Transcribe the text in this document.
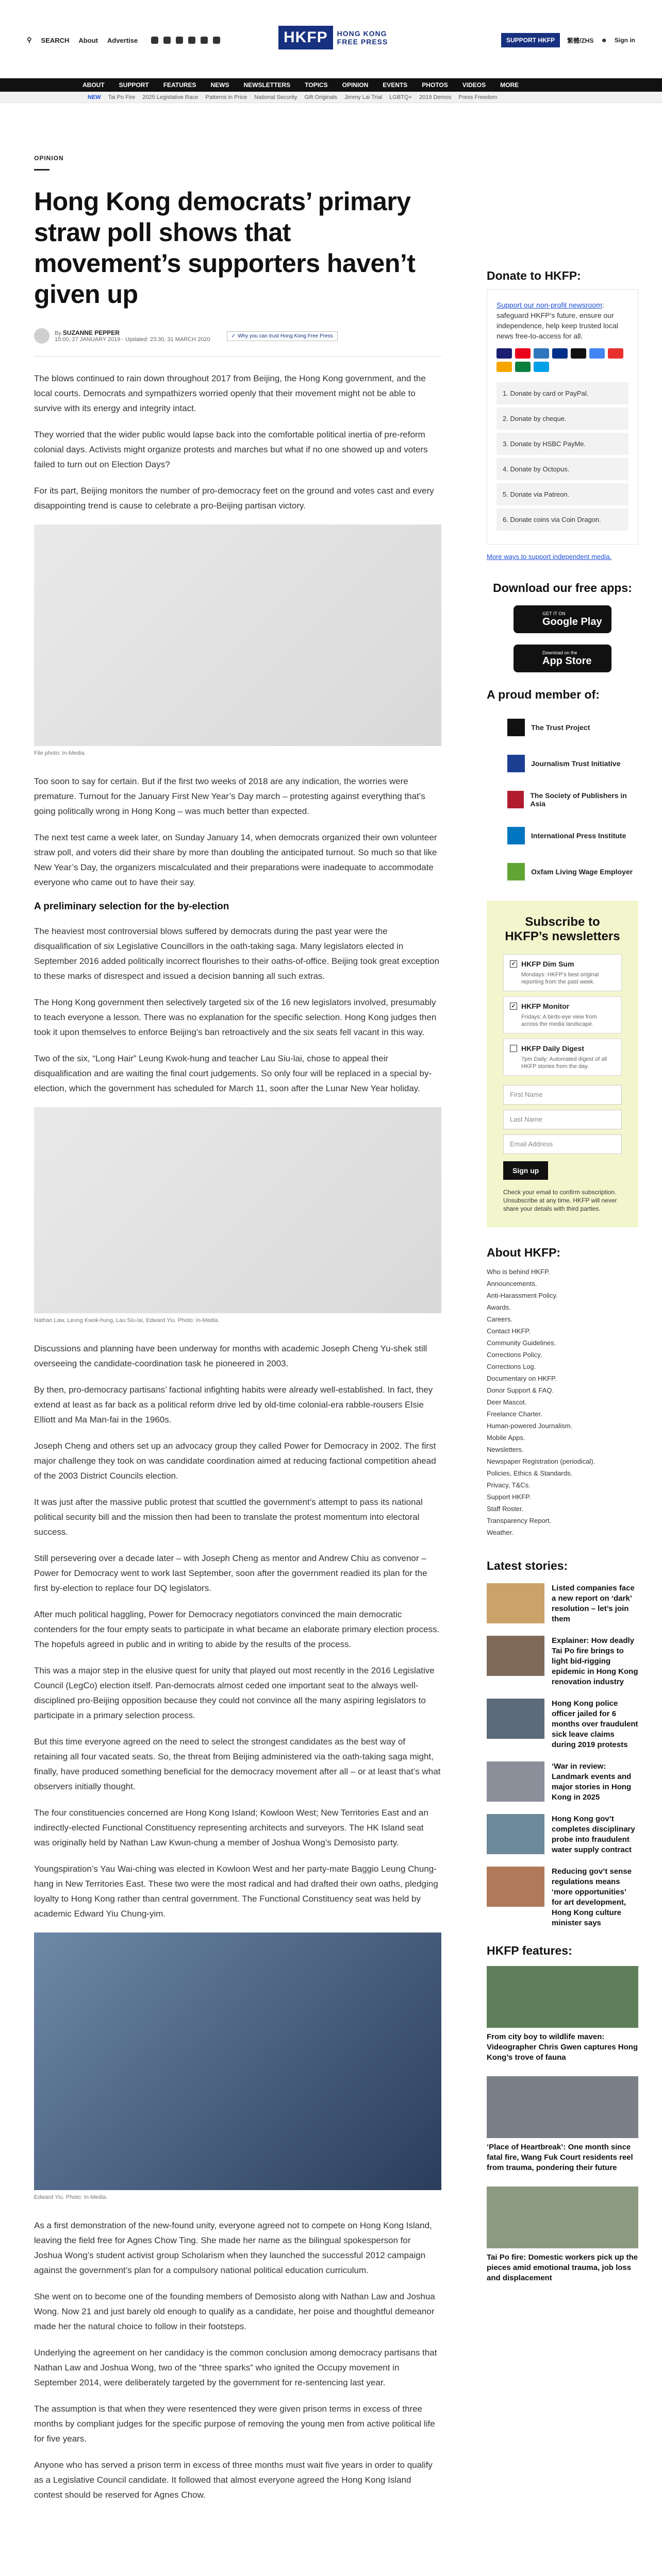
⚲ SEARCH About Advertise	SUPPORT HKFP	繁體/ZHS ☻ Sign in
HKFP	HONG KONG
FREE PRESS
ABOUT SUPPORT FEATURES NEWS NEWSLETTERS TOPICS OPINION EVENTS PHOTOS VIDEOS MORE
NEW Tai Po Fire 2025 Legislative Race Patterns in Price National Security Gift Originals Jimmy Lai Trial LGBTQ+ 2019 Demos Press Freedom
OPINION
Hong Kong democrats’ primary straw poll shows that movement’s supporters haven’t given up
By SUZANNE PEPPER
15:00, 27 JANUARY 2019 · Updated: 23:30, 31 MARCH 2020
✓ Why you can trust Hong Kong Free Press

The blows continued to rain down throughout 2017 from Beijing, the Hong Kong government, and the local courts. Democrats and sympathizers worried openly that their movement might not be able to survive with its energy and integrity intact.

They worried that the wider public would lapse back into the comfortable political inertia of pre-reform colonial days. Activists might organize protests and marches but what if no one showed up and voters failed to turn out on Election Days?

For its part, Beijing monitors the number of pro-democracy feet on the ground and votes cast and every disappointing trend is cause to celebrate a pro-Beijing partisan victory.

File photo: In-Media.

Too soon to say for certain. But if the first two weeks of 2018 are any indication, the worries were premature. Turnout for the January First New Year’s Day march – protesting against everything that’s going politically wrong in Hong Kong – was much better than expected.

The next test came a week later, on Sunday January 14, when democrats organized their own volunteer straw poll, and voters did their share by more than doubling the anticipated turnout. So much so that like New Year’s Day, the organizers miscalculated and their preparations were inadequate to accommodate everyone who came out to have their say.

A preliminary selection for the by-election

The heaviest most controversial blows suffered by democrats during the past year were the disqualification of six Legislative Councillors in the oath-taking saga. Many legislators elected in September 2016 added politically incorrect flourishes to their oaths-of-office. Beijing took great exception to these marks of disrespect and issued a decision banning all such extras.

The Hong Kong government then selectively targeted six of the 16 new legislators involved, presumably to teach everyone a lesson. There was no explanation for the specific selection. Hong Kong judges then took it upon themselves to enforce Beijing’s ban retroactively and the six seats fell vacant in this way.

Two of the six, “Long Hair” Leung Kwok-hung and teacher Lau Siu-lai, chose to appeal their disqualification and are waiting the final court judgements. So only four will be replaced in a special by-election, which the government has scheduled for March 11, soon after the Lunar New Year holiday.

Nathan Law, Leung Kwok-hung, Lau Siu-lai, Edward Yiu. Photo: In-Media.

Discussions and planning have been underway for months with academic Joseph Cheng Yu-shek still overseeing the candidate-coordination task he pioneered in 2003.

By then, pro-democracy partisans’ factional infighting habits were already well-established. In fact, they extend at least as far back as a political reform drive led by old-time colonial-era rabble-rousers Elsie Elliott and Ma Man-fai in the 1960s.

Joseph Cheng and others set up an advocacy group they called Power for Democracy in 2002. The first major challenge they took on was candidate coordination aimed at reducing factional competition ahead of the 2003 District Councils election.

It was just after the massive public protest that scuttled the government’s attempt to pass its national political security bill and the mission then had been to translate the protest momentum into electoral success.

Still persevering over a decade later – with Joseph Cheng as mentor and Andrew Chiu as convenor – Power for Democracy went to work last September, soon after the government readied its plan for the first by-election to replace four DQ legislators.

After much political haggling, Power for Democracy negotiators convinced the main democratic contenders for the four empty seats to participate in what became an elaborate primary election process. The hopefuls agreed in public and in writing to abide by the results of the process.

This was a major step in the elusive quest for unity that played out most recently in the 2016 Legislative Council (LegCo) election itself. Pan-democrats almost ceded one important seat to the always well-disciplined pro-Beijing opposition because they could not convince all the many aspiring legislators to participate in a primary selection process.

But this time everyone agreed on the need to select the strongest candidates as the best way of retaining all four vacated seats. So, the threat from Beijing administered via the oath-taking saga might, finally, have produced something beneficial for the democracy movement after all – or at least that’s what observers initially thought.

The four constituencies concerned are Hong Kong Island; Kowloon West; New Territories East and an indirectly-elected Functional Constituency representing architects and surveyors. The HK Island seat was originally held by Nathan Law Kwun-chung a member of Joshua Wong’s Demosisto party.

Youngspiration’s Yau Wai-ching was elected in Kowloon West and her party-mate Baggio Leung Chung-hang in New Territories East. These two were the most radical and had drafted their own oaths, pledging loyalty to Hong Kong rather than central government. The Functional Constituency seat was held by academic Edward Yiu Chung-yim.

Edward Yiu. Photo: In-Media.

As a first demonstration of the new-found unity, everyone agreed not to compete on Hong Kong Island, leaving the field free for Agnes Chow Ting. She made her name as the bilingual spokesperson for Joshua Wong’s student activist group Scholarism when they launched the successful 2012 campaign against the government’s plan for a compulsory national political education curriculum.

She went on to become one of the founding members of Demosisto along with Nathan Law and Joshua Wong. Now 21 and just barely old enough to qualify as a candidate, her poise and thoughtful demeanor made her the natural choice to follow in their footsteps.

Underlying the agreement on her candidacy is the common conclusion among democracy partisans that Nathan Law and Joshua Wong, two of the “three sparks” who ignited the Occupy movement in September 2014, were deliberately targeted by the government for re-sentencing last year.

The assumption is that when they were resentenced they were given prison terms in excess of three months by compliant judges for the specific purpose of removing the young men from active political life for five years.

Anyone who has served a prison term in excess of three months must wait five years in order to qualify as a Legislative Council candidate. It followed that almost everyone agreed the Hong Kong Island contest should be reserved for Agnes Chow.

Donate to HKFP:

Support our non-profit newsroom: safeguard HKFP’s future, ensure our independence, help keep trusted local news free-to-access for all.

1. Donate by card or PayPal.
2. Donate by cheque.
3. Donate by HSBC PayMe.
4. Donate by Octopus.
5. Donate via Patreon.
6. Donate coins via Coin Dragon.
More ways to support independent media.
Download our free apps:
GET IT ON
Google Play
Download on the
App Store
A proud member of:
The Trust Project
Journalism Trust Initiative
The Society of Publishers in Asia
International Press Institute
Oxfam Living Wage Employer
Subscribe to HKFP’s newsletters
✓ HKFP Dim Sum

Mondays: HKFP’s best original reporting from the past week.

✓ HKFP Monitor

Fridays: A birds-eye view from across the media landscape.

HKFP Daily Digest

7pm Daily: Automated digest of all HKFP stories from the day.

First Name
Last Name
Email Address
Sign up
Check your email to confirm subscription. Unsubscribe at any time. HKFP will never share your details with third parties.
About HKFP:
Who is behind HKFP.
Announcements.
Anti-Harassment Policy.
Awards.
Careers.
Contact HKFP.
Community Guidelines.
Corrections Policy.
Corrections Log.
Documentary on HKFP.
Donor Support & FAQ.
Deer Mascot.
Freelance Charter.
Human-powered Journalism.
Mobile Apps.
Newsletters.
Newspaper Registration (periodical).
Policies, Ethics & Standards.
Privacy, T&Cs.
Support HKFP.
Staff Roster.
Transparency Report.
Weather.
Latest stories:
Listed companies face a new report on ‘dark’ resolution – let’s join them
Explainer: How deadly Tai Po fire brings to light bid-rigging epidemic in Hong Kong renovation industry
Hong Kong police officer jailed for 6 months over fraudulent sick leave claims during 2019 protests
‘War in review: Landmark events and major stories in Hong Kong in 2025
Hong Kong gov’t completes disciplinary probe into fraudulent water supply contract
Reducing gov’t sense regulations means ‘more opportunities’ for art development, Hong Kong culture minister says
HKFP features:
From city boy to wildlife maven: Videographer Chris Gwen captures Hong Kong’s trove of fauna
‘Place of Heartbreak’: One month since fatal fire, Wang Fuk Court residents reel from trauma, pondering their future
Tai Po fire: Domestic workers pick up the pieces amid emotional trauma, job loss and displacement
